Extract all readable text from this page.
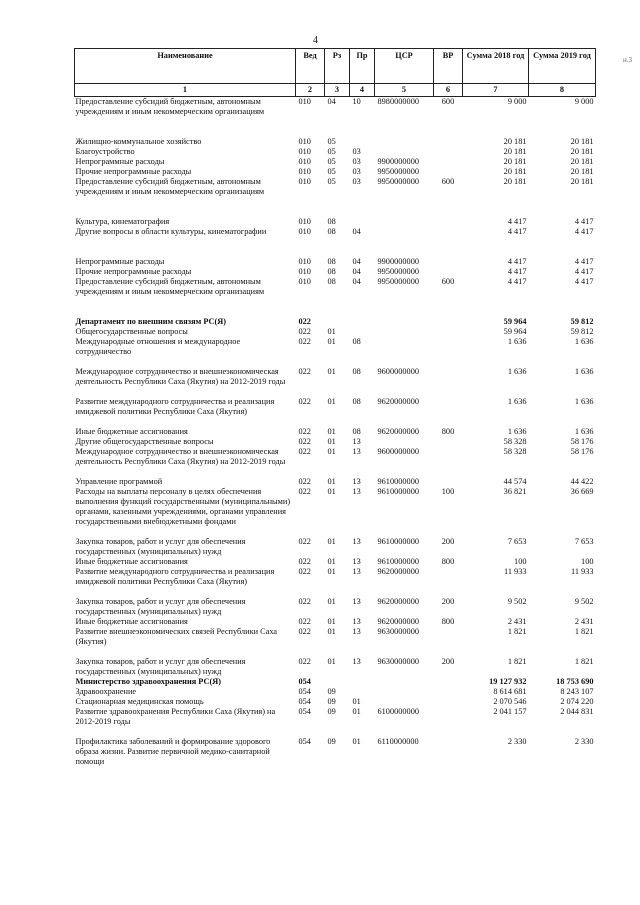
4
н.3
Наименование	Вед	Рз	Пр	ЦСР	ВР	Сумма 2018 год	Сумма 2019 год
1	2	3	4	5	6	7	8
Предоставление субсидий бюджетным, автономным учреждениям и иным некоммерческим организациям	010	04	10	8980000000	600	9 000	9 000

Жилищно-коммунальное хозяйство	010	05				20 181	20 181
Благоустройство	010	05	03			20 181	20 181
Непрограммные расходы	010	05	03	9900000000		20 181	20 181
Прочие непрограммные расходы	010	05	03	9950000000		20 181	20 181
Предоставление субсидий бюджетным, автономным учреждениям и иным некоммерческим организациям	010	05	03	9950000000	600	20 181	20 181

Культура, кинематография	010	08				4 417	4 417
Другие вопросы в области культуры, кинематографии	010	08	04			4 417	4 417

Непрограммные расходы	010	08	04	9900000000		4 417	4 417
Прочие непрограммные расходы	010	08	04	9950000000		4 417	4 417
Предоставление субсидий бюджетным, автономным учреждениям и иным некоммерческим организациям	010	08	04	9950000000	600	4 417	4 417

Департамент по внешним связям РС(Я)	022					59 964	59 812
Общегосударственные вопросы	022	01				59 964	59 812
Международные отношения и международное сотрудничество	022	01	08			1 636	1 636

Международное сотрудничество и внешнеэкономическая деятельность Республики Саха (Якутия) на 2012-2019 годы	022	01	08	9600000000		1 636	1 636

Развитие международного сотрудничества и реализация имиджевой политики Республики Саха (Якутия)	022	01	08	9620000000		1 636	1 636

Иные бюджетные ассигнования	022	01	08	9620000000	800	1 636	1 636
Другие общегосударственные вопросы	022	01	13			58 328	58 176
Международное сотрудничество и внешнеэкономическая деятельность Республики Саха (Якутия) на 2012-2019 годы	022	01	13	9600000000		58 328	58 176

Управление программой	022	01	13	9610000000		44 574	44 422
Расходы на выплаты персоналу в целях обеспечения выполнения функций государственными (муниципальными) органами, казенными учреждениями, органами управления государственными внебюджетными фондами	022	01	13	9610000000	100	36 821	36 669

Закупка товаров, работ и услуг для обеспечения государственных (муниципальных) нужд	022	01	13	9610000000	200	7 653	7 653
Иные бюджетные ассигнования	022	01	13	9610000000	800	100	100
Развитие международного сотрудничества и реализация имиджевой политики Республики Саха (Якутия)	022	01	13	9620000000		11 933	11 933

Закупка товаров, работ и услуг для обеспечения государственных (муниципальных) нужд	022	01	13	9620000000	200	9 502	9 502
Иные бюджетные ассигнования	022	01	13	9620000000	800	2 431	2 431
Развитие внешнеэкономических связей Республики Саха (Якутия)	022	01	13	9630000000		1 821	1 821

Закупка товаров, работ и услуг для обеспечения государственных (муниципальных) нужд	022	01	13	9630000000	200	1 821	1 821
Министерство здравоохранения РС(Я)	054					19 127 932	18 753 690
Здравоохранение	054	09				8 614 681	8 243 107
Стационарная медицинская помощь	054	09	01			2 070 546	2 074 220
Развитие здравоохранения Республики Саха (Якутия) на 2012-2019 годы	054	09	01	6100000000		2 041 157	2 044 831

Профилактика заболеваний и формирование здорового образа жизни. Развитие первичной медико-санитарной помощи	054	09	01	6110000000		2 330	2 330
